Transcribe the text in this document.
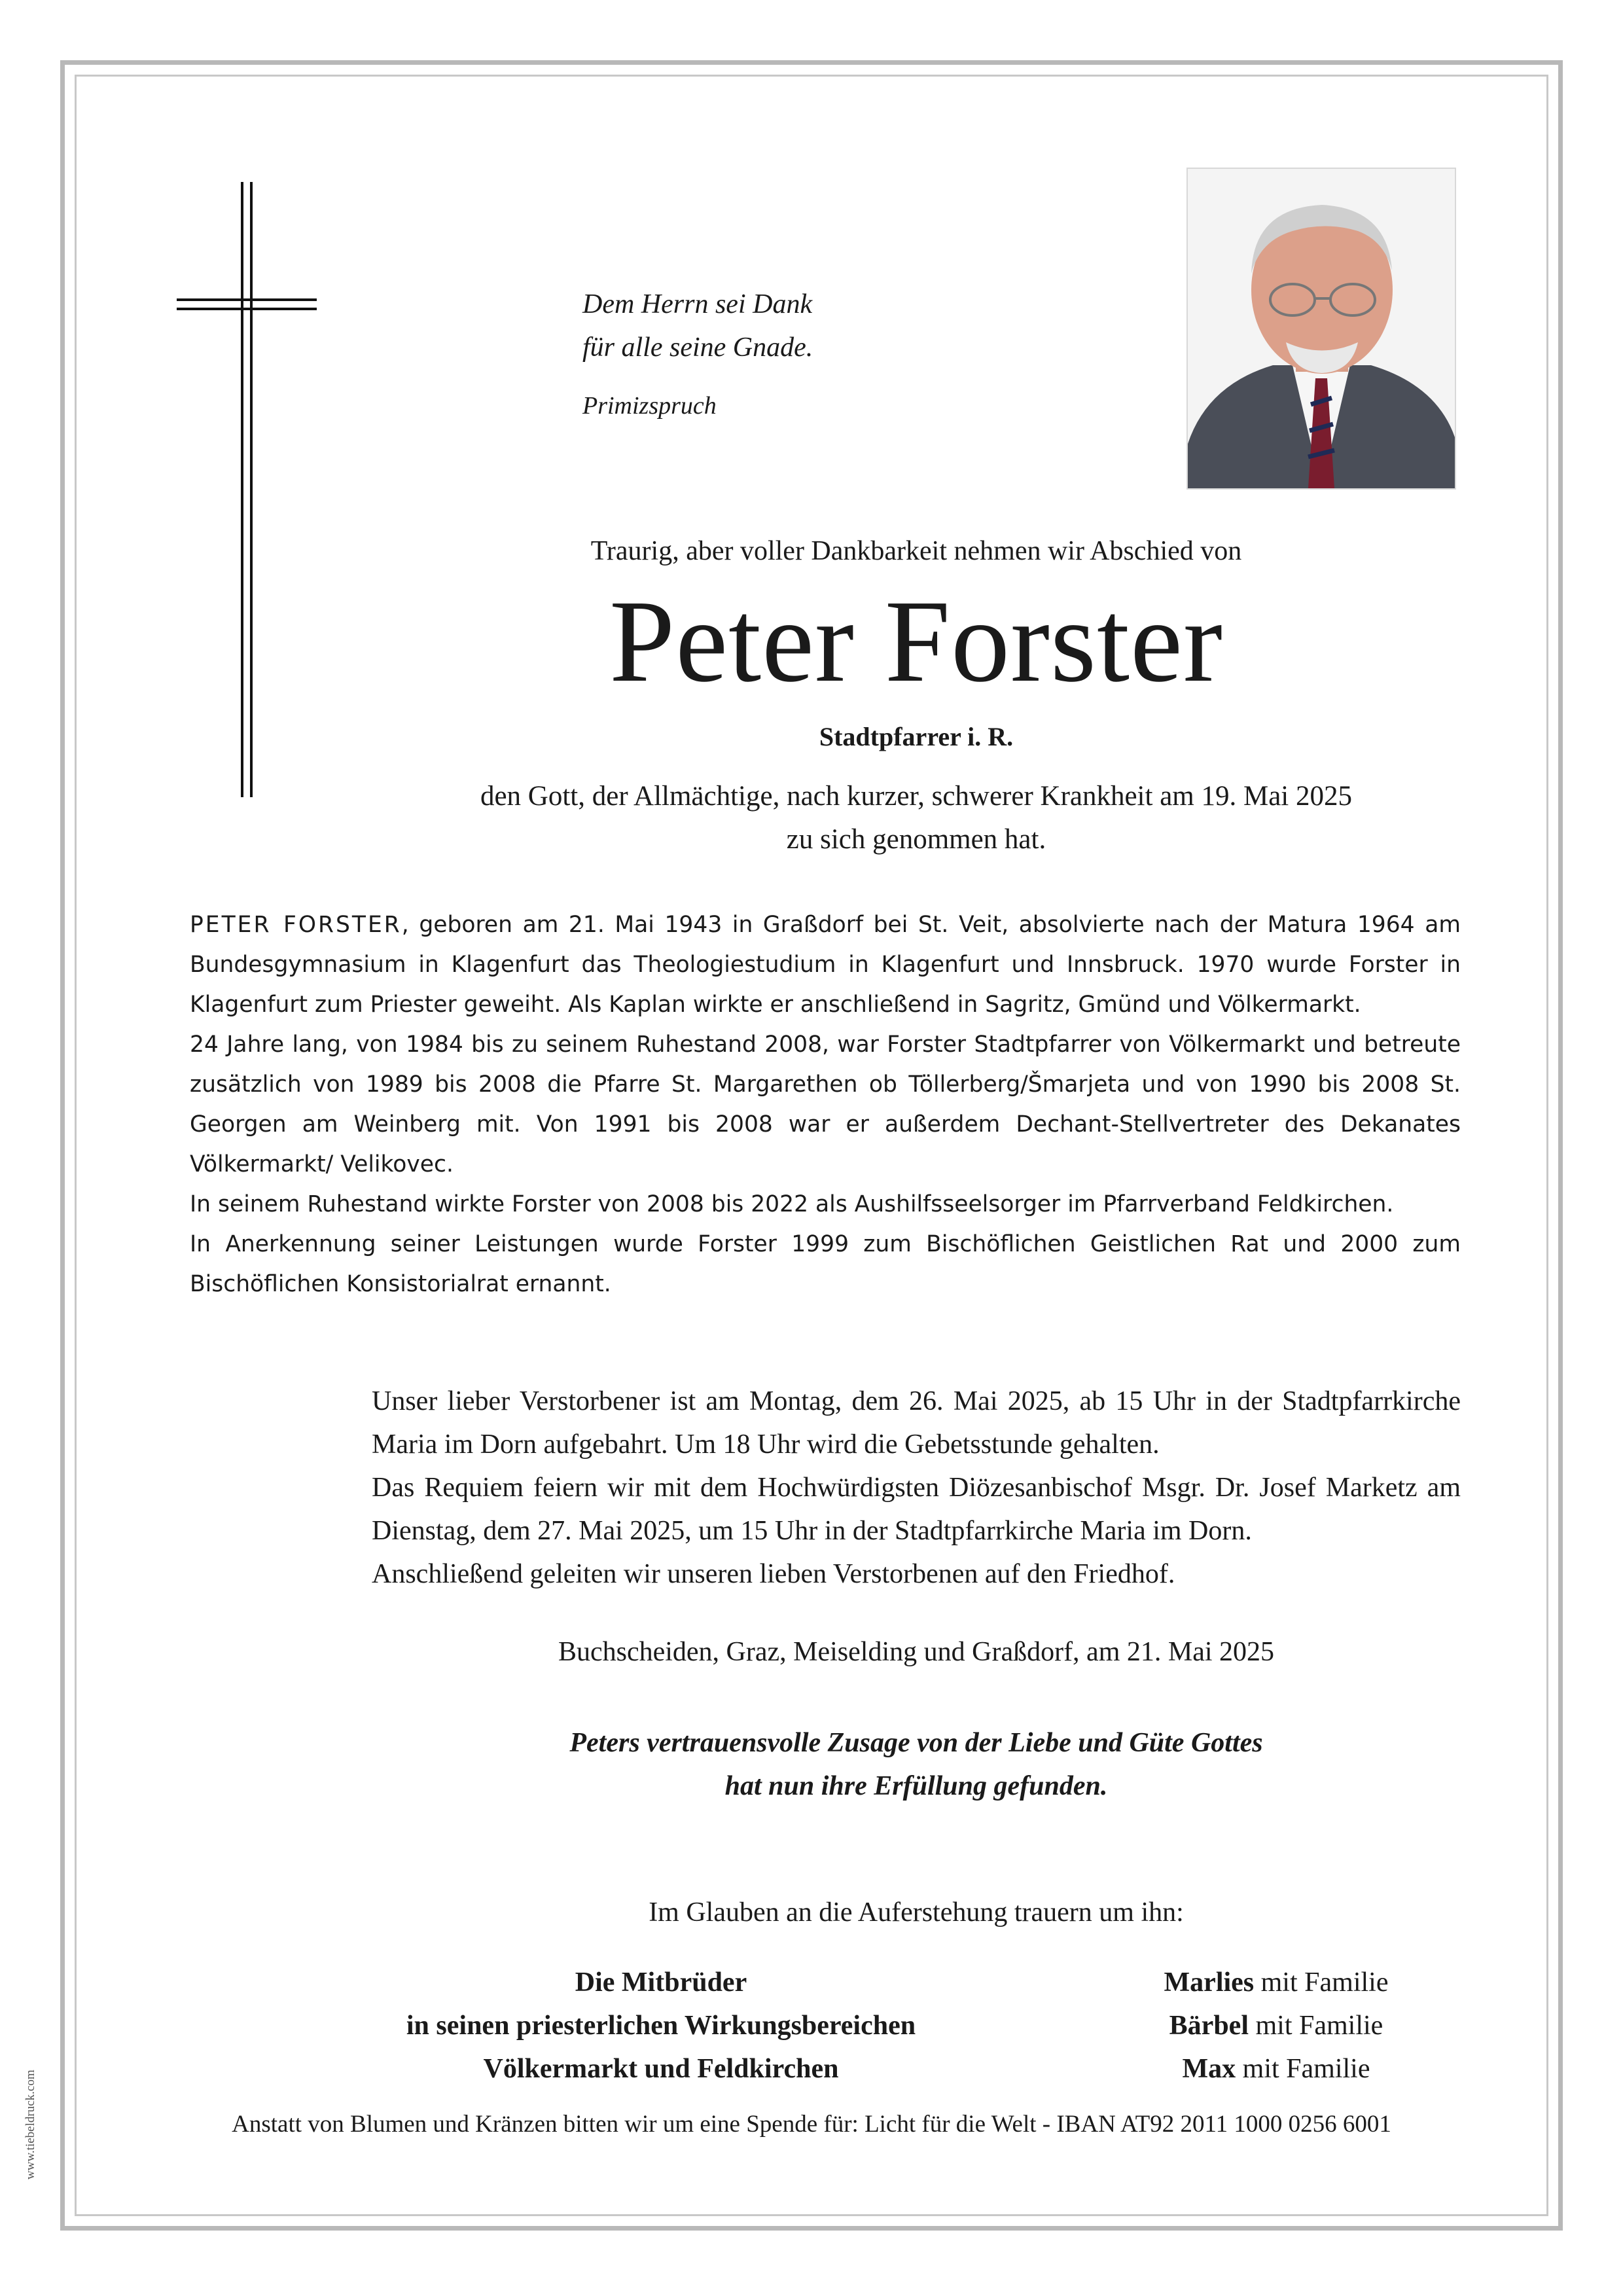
Dem Herrn sei Dank
für alle seine Gnade.
Primizspruch
Traurig, aber voller Dankbarkeit nehmen wir Abschied von
Peter Forster
Stadtpfarrer i. R.
den Gott, der Allmächtige, nach kurzer, schwerer Krankheit am 19. Mai 2025
zu sich genommen hat.

PETER FORSTER, geboren am 21. Mai 1943 in Graßdorf bei St. Veit, absolvierte nach der Matura 1964 am Bundesgymnasium in Klagenfurt das Theologiestudium in Klagenfurt und Innsbruck. 1970 wurde Forster in Klagenfurt zum Priester geweiht. Als Kaplan wirkte er anschließend in Sagritz, Gmünd und Völkermarkt.

24 Jahre lang, von 1984 bis zu seinem Ruhestand 2008, war Forster Stadtpfarrer von Völkermarkt und betreute zusätzlich von 1989 bis 2008 die Pfarre St. Margarethen ob Töllerberg/Šmarjeta und von 1990 bis 2008 St. Georgen am Weinberg mit. Von 1991 bis 2008 war er außerdem Dechant-Stellvertreter des Dekanates Völkermarkt/ Velikovec.

In seinem Ruhestand wirkte Forster von 2008 bis 2022 als Aushilfsseelsorger im Pfarrverband Feldkirchen.

In Anerkennung seiner Leistungen wurde Forster 1999 zum Bischöflichen Geistlichen Rat und 2000 zum Bischöflichen Konsistorialrat ernannt.

Unser lieber Verstorbener ist am Montag, dem 26. Mai 2025, ab 15 Uhr in der Stadtpfarrkirche Maria im Dorn aufgebahrt. Um 18 Uhr wird die Gebetsstunde gehalten.

Das Requiem feiern wir mit dem Hochwürdigsten Diözesanbischof Msgr. Dr. Josef Marketz am Dienstag, dem 27. Mai 2025, um 15 Uhr in der Stadtpfarrkirche Maria im Dorn.

Anschließend geleiten wir unseren lieben Verstorbenen auf den Friedhof.

Buchscheiden, Graz, Meiselding und Graßdorf, am 21. Mai 2025
Peters vertrauensvolle Zusage von der Liebe und Güte Gottes
hat nun ihre Erfüllung gefunden.
Im Glauben an die Auferstehung trauern um ihn:
Die Mitbrüder
in seinen priesterlichen Wirkungsbereichen
Völkermarkt und Feldkirchen
Marlies mit Familie
Bärbel mit Familie
Max mit Familie
Anstatt von Blumen und Kränzen bitten wir um eine Spende für: Licht für die Welt - IBAN AT92 2011 1000 0256 6001
www.tiebeldruck.com
